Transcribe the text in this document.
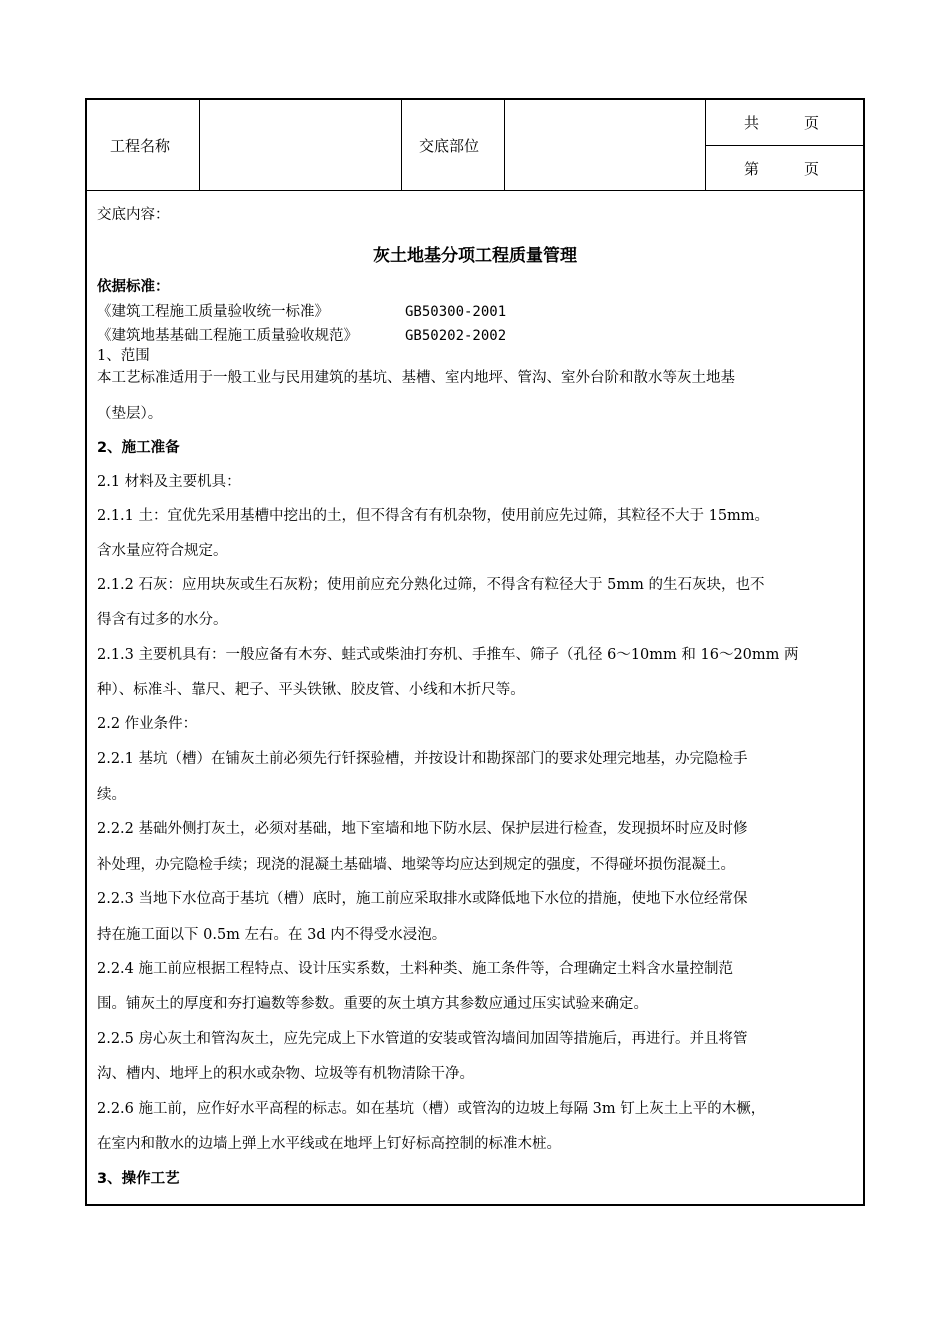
工程名称	交底部位
共　　　页
第　　　页
交底内容：
灰土地基分项工程质量管理
依据标准：
《建筑工程施工质量验收统一标准》	GB50300-2001
《建筑地基基础工程施工质量验收规范》	GB50202-2002
1、范围
本工艺标准适用于一般工业与民用建筑的基坑、基槽、室内地坪、管沟、室外台阶和散水等灰土地基
（垫层）。
2、施工准备
2.1 材料及主要机具：
2.1.1 土：宜优先采用基槽中挖出的土，但不得含有有机杂物，使用前应先过筛，其粒径不大于 15mm。
含水量应符合规定。
2.1.2 石灰：应用块灰或生石灰粉；使用前应充分熟化过筛，不得含有粒径大于 5mm 的生石灰块，也不
得含有过多的水分。
2.1.3 主要机具有：一般应备有木夯、蛙式或柴油打夯机、手推车、筛子（孔径 6～10mm 和 16～20mm 两
种）、标准斗、靠尺、耙子、平头铁锹、胶皮管、小线和木折尺等。
2.2 作业条件：
2.2.1 基坑（槽）在铺灰土前必须先行钎探验槽，并按设计和勘探部门的要求处理完地基，办完隐检手
续。
2.2.2 基础外侧打灰土，必须对基础，地下室墙和地下防水层、保护层进行检查，发现损坏时应及时修
补处理，办完隐检手续；现浇的混凝土基础墙、地梁等均应达到规定的强度，不得碰坏损伤混凝土。
2.2.3 当地下水位高于基坑（槽）底时，施工前应采取排水或降低地下水位的措施，使地下水位经常保
持在施工面以下 0.5m 左右。在 3d 内不得受水浸泡。
2.2.4 施工前应根据工程特点、设计压实系数，土料种类、施工条件等，合理确定土料含水量控制范
围。铺灰土的厚度和夯打遍数等参数。重要的灰土填方其参数应通过压实试验来确定。
2.2.5 房心灰土和管沟灰土，应先完成上下水管道的安装或管沟墙间加固等措施后，再进行。并且将管
沟、槽内、地坪上的积水或杂物、垃圾等有机物清除干净。
2.2.6 施工前，应作好水平高程的标志。如在基坑（槽）或管沟的边坡上每隔 3m 钉上灰土上平的木橛，
在室内和散水的边墙上弹上水平线或在地坪上钉好标高控制的标准木桩。
3、操作工艺
